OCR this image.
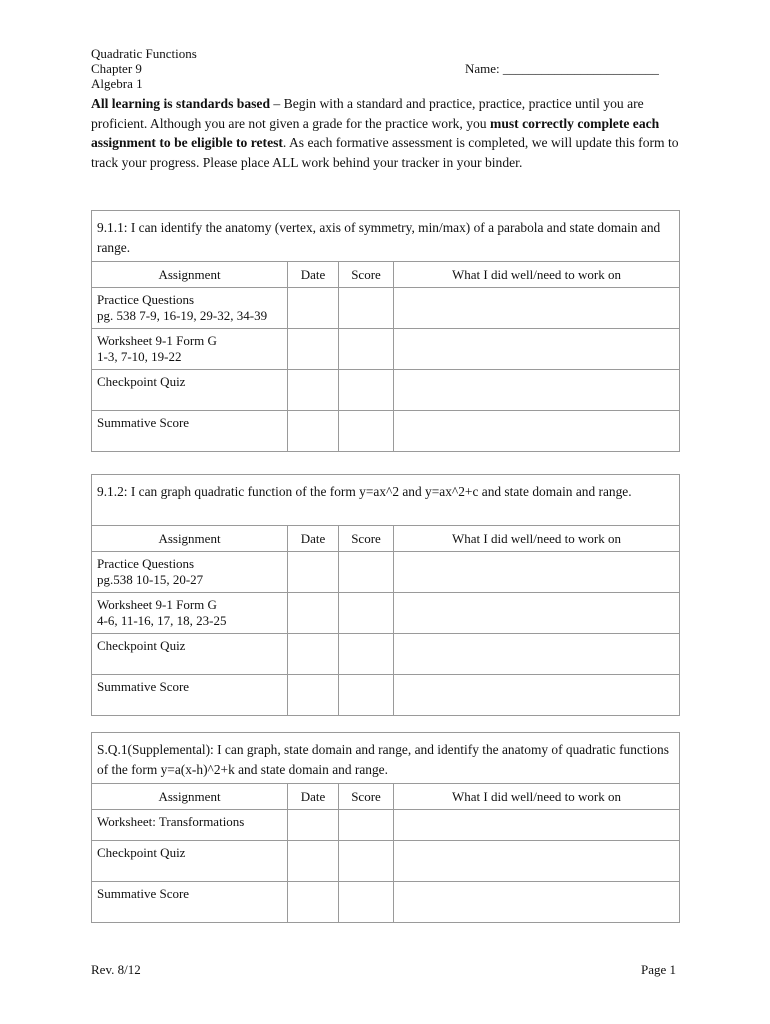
Quadratic Functions
Chapter 9
Algebra 1
Name: ________________________
All learning is standards based – Begin with a standard and practice, practice, practice until you are proficient. Although you are not given a grade for the practice work, you must correctly complete each assignment to be eligible to retest. As each formative assessment is completed, we will update this form to track your progress. Please place ALL work behind your tracker in your binder.
9.1.1: I can identify the anatomy (vertex, axis of symmetry, min/max) of a parabola and state domain and range.			
Assignment	Date	Score	What I did well/need to work on

Practice Questions
pg. 538 7-9, 16-19, 29-32, 34-39			

Worksheet 9-1 Form G
1-3, 7-10, 19-22			

Checkpoint Quiz			

Summative Score			

9.1.2: I can graph quadratic function of the form y=ax^2 and y=ax^2+c and state domain and range.			
Assignment	Date	Score	What I did well/need to work on

Practice Questions
pg.538 10-15, 20-27			

Worksheet 9-1 Form G
4-6, 11-16, 17, 18, 23-25			

Checkpoint Quiz			

Summative Score			

S.Q.1(Supplemental): I can graph, state domain and range, and identify the anatomy of quadratic functions of the form y=a(x-h)^2+k and state domain and range.			
Assignment	Date	Score	What I did well/need to work on

Worksheet: Transformations			

Checkpoint Quiz			

Summative Score			

Rev. 8/12	Page 1
